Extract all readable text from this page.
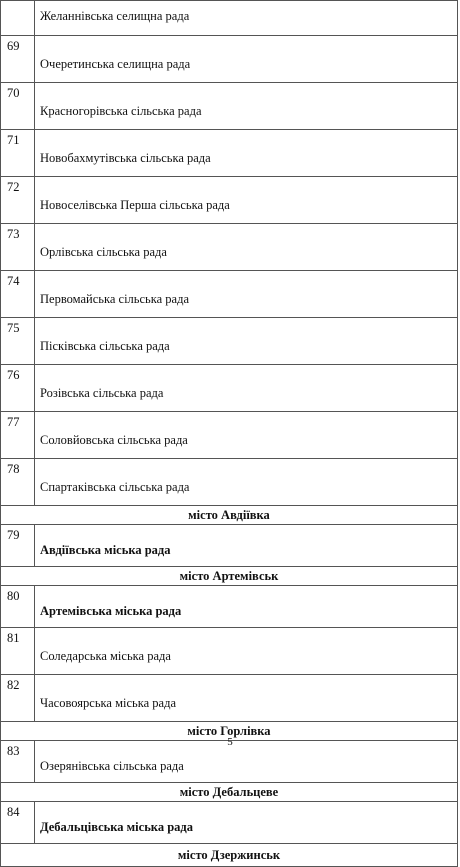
	Желаннівська селищна рада
69	Очеретинська селищна рада
70	Красногорівська сільська рада
71	Новобахмутівська сільська рада
72	Новоселівська Перша сільська рада
73	Орлівська сільська рада
74	Первомайська сільська рада
75	Пісківська сільська рада
76	Розівська сільська рада
77	Соловйовська сільська рада
78	Спартаківська сільська рада
місто Авдіївка	
79	Авдіївська міська рада
місто Артемівськ	
80	Артемівська міська рада
81	Соледарська міська рада
82	Часовоярська міська рада
місто Горлівка	
83	Озерянівська сільська рада
місто Дебальцеве	
84	Дебальцівська міська рада
місто Дзержинськ	
5
